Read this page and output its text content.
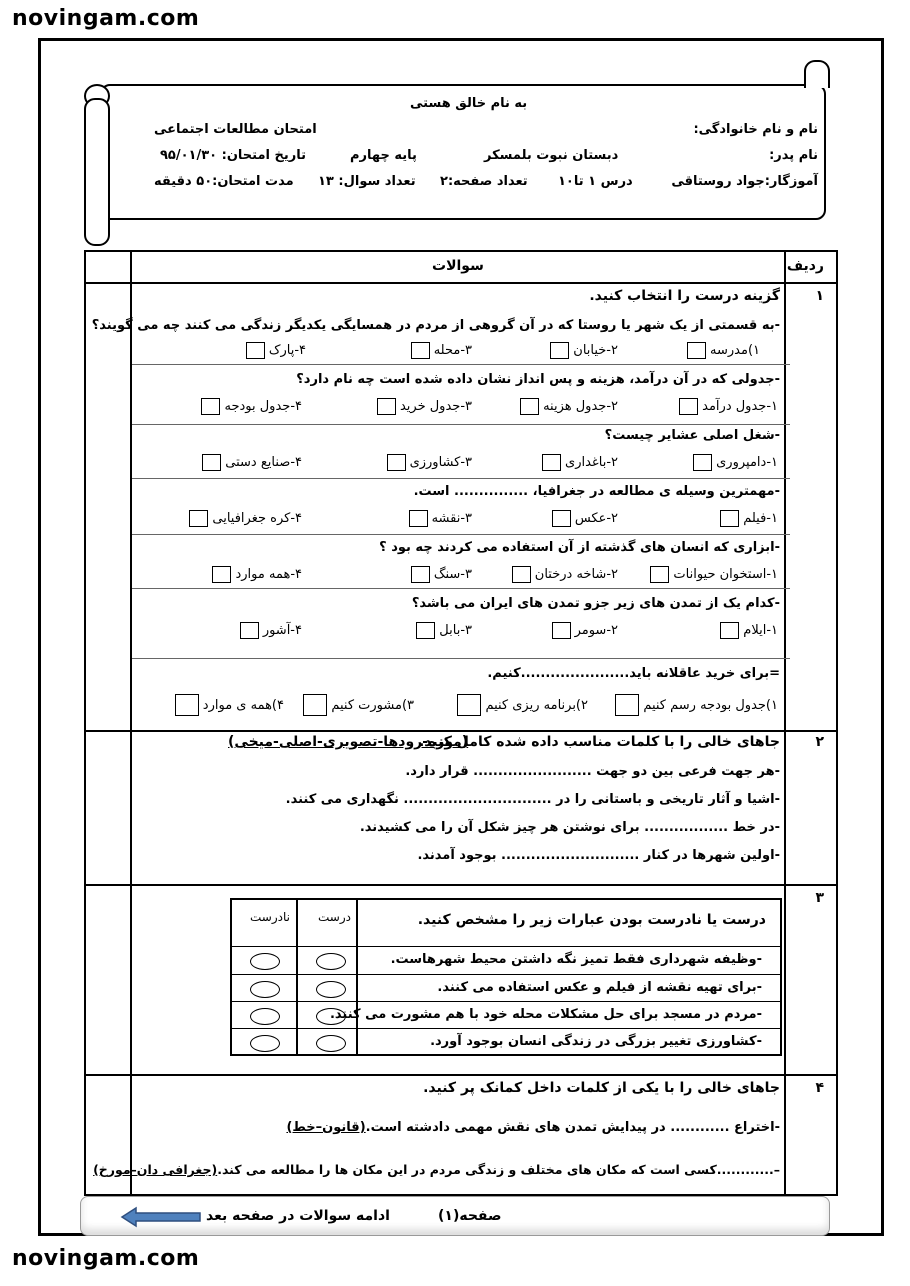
novingam.com
به نام خالق هستی
امتحان مطالعات اجتماعی	نام و نام خانوادگی:
تاریخ امتحان: ۹۵/۰۱/۳۰	پایه چهارم	دبستان نبوت بلمسکر	نام پدر:
مدت امتحان:۵۰ دقیقه تعداد سوال: ۱۳ تعداد صفحه:۲ درس ۱ تا۱۰	آموزگار:جواد روستاقی
ردیف
سوالات
۱
گزینه درست را انتخاب کنید.
-به قسمتی از یک شهر یا روستا که در آن گروهی از مردم در همسایگی یکدیگر زندگی می کنند چه می گویند؟
۱)مدرسه
۲-خیابان
۳-محله
۴-پارک
-جدولی که در آن درآمد، هزینه و پس انداز نشان داده شده است چه نام دارد؟
۱-جدول درآمد
۲-جدول هزینه
۳-جدول خرید
۴-جدول بودجه
-شغل اصلی عشایر چیست؟
۱-دامپروری
۲-باغداری
۳-کشاورزی
۴-صنایع دستی
-مهمترین وسیله ی مطالعه در جغرافیا، ............... است.
۱-فیلم
۲-عکس
۳-نقشه
۴-کره جغرافیایی
-ابزاری که انسان های گذشته از آن استفاده می کردند چه بود ؟
۱-استخوان حیوانات
۲-شاخه درختان
۳-سنگ
۴-همه موارد
-کدام یک از تمدن های زیر جزو تمدن های ایران می باشد؟
۱-ایلام
۲-سومر
۳-بابل
۴-آشور
=برای خرید عاقلانه باید......................کنیم.
۱)جدول بودجه رسم کنیم
۲)برنامه ریزی کنیم
۳)مشورت کنیم
۴)همه ی موارد
۲
جاهای خالی را با کلمات مناسب داده شده کامل کنید.
(موزه-رودها-تصویری-اصلی-میخی)
-هر جهت فرعی بین دو جهت ........................ قرار دارد.
-اشیا و آثار تاریخی و باستانی را در .............................. نگهداری می کنند.
-در خط ................. برای نوشتن هر چیز شکل آن را می کشیدند.
-اولین شهرها در کنار ............................ بوجود آمدند.
۳
درست یا نادرست بودن عبارات زیر را مشخص کنید.
درست
نادرست
-وظیفه شهرداری فقط تمیز نگه داشتن محیط شهرهاست.
-برای تهیه نقشه از فیلم و عکس استفاده می کنند.
-مردم در مسجد برای حل مشکلات محله خود با هم مشورت می کنند.
-کشاورزی تغییر بزرگی در زندگی انسان بوجود آورد.
۴
جاهای خالی را با یکی از کلمات داخل کمانک پر کنید.
-اختراع ............ در پیدایش تمدن های نقش مهمی دادشته است.(قانون–خط)
–............کسی است که مکان های مختلف و زندگی مردم در این مکان ها را مطالعه می کند.(جغرافی دان–مورخ)
صفحه(۱)
ادامه سوالات در صفحه بعد
novingam.com
